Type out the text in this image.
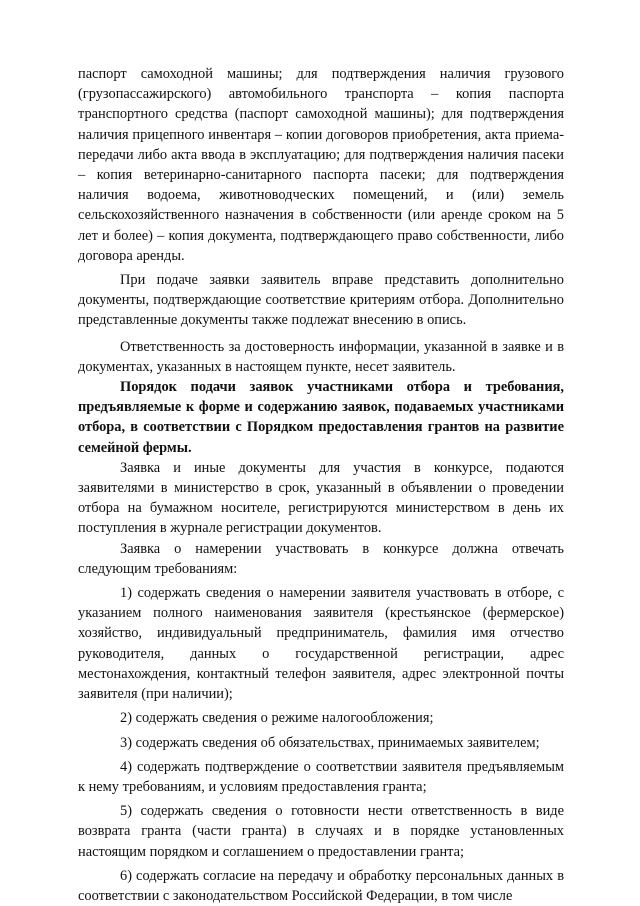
паспорт самоходной машины; для подтверждения наличия грузового (грузопассажирского) автомобильного транспорта – копия паспорта транспортного средства (паспорт самоходной машины); для подтверждения наличия прицепного инвентаря – копии договоров приобретения, акта приема-передачи либо акта ввода в эксплуатацию; для подтверждения наличия пасеки – копия ветеринарно-санитарного паспорта пасеки; для подтверждения наличия водоема, животноводческих помещений, и (или) земель сельскохозяйственного назначения в собственности (или аренде сроком на 5 лет и более) – копия документа, подтверждающего право собственности, либо договора аренды.

При подаче заявки заявитель вправе представить дополнительно документы, подтверждающие соответствие критериям отбора. Дополнительно представленные документы также подлежат внесению в опись.

Ответственность за достоверность информации, указанной в заявке и в документах, указанных в настоящем пункте, несет заявитель.

Порядок подачи заявок участниками отбора и требования, предъявляемые к форме и содержанию заявок, подаваемых участниками отбора, в соответствии с Порядком предоставления грантов на развитие семейной фермы.

Заявка и иные документы для участия в конкурсе, подаются заявителями в министерство в срок, указанный в объявлении о проведении отбора на бумажном носителе, регистрируются министерством в день их поступления в журнале регистрации документов.

Заявка о намерении участвовать в конкурсе должна отвечать следующим требованиям:

1) содержать сведения о намерении заявителя участвовать в отборе, с указанием полного наименования заявителя (крестьянское (фермерское) хозяйство, индивидуальный предприниматель, фамилия имя отчество руководителя, данных о государственной регистрации, адрес местонахождения, контактный телефон заявителя, адрес электронной почты заявителя (при наличии);

2) содержать сведения о режиме налогообложения;

3) содержать сведения об обязательствах, принимаемых заявителем;

4) содержать подтверждение о соответствии заявителя предъявляемым к нему требованиям, и условиям предоставления гранта;

5) содержать сведения о готовности нести ответственность в виде возврата гранта (части гранта) в случаях и в порядке установленных настоящим порядком и соглашением о предоставлении гранта;

6) содержать согласие на передачу и обработку персональных данных в соответствии с законодательством Российской Федерации, в том числе
